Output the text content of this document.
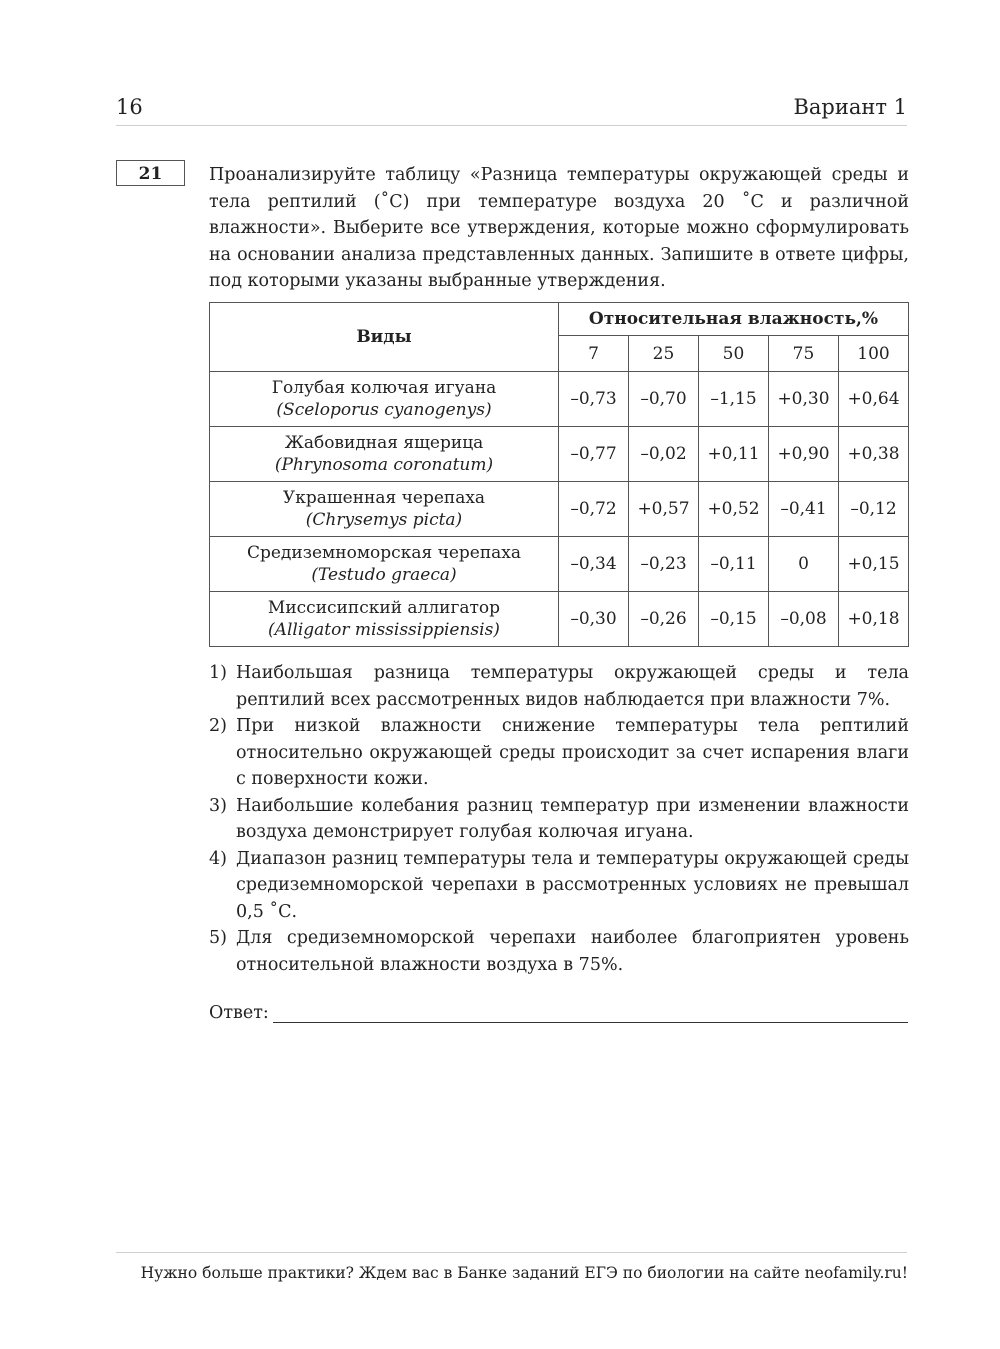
16	Вариант 1
21	Проанализируйте таблицу «Разница температуры окружающей среды и тела рептилий (˚С) при температуре воздуха 20 ˚С и различной влажности». Выберите все утверждения, которые можно сформулировать на основании анализа представленных данных. Запишите в ответе цифры, под которыми указаны выбранные утверждения.

Виды	Относительная влажность,%				
	7	25	50	75	100

Голубая колючая игуана
(Sceloporus cyanogenys)	–0,73	–0,70	–1,15	+0,30	+0,64

Жабовидная ящерица
(Phrynosoma coronatum)	–0,77	–0,02	+0,11	+0,90	+0,38

Украшенная черепаха
(Chrysemys picta)	–0,72	+0,57	+0,52	–0,41	–0,12

Средиземноморская черепаха
(Testudo graeca)	–0,34	–0,23	–0,11	0	+0,15

Миссисипский аллигатор
(Alligator mississippiensis)	–0,30	–0,26	–0,15	–0,08	+0,18
1) Наибольшая разница температуры окружающей среды и тела рептилий всех рассмотренных видов наблюдается при влажности 7%.
2) При низкой влажности снижение температуры тела рептилий относительно окружающей среды происходит за счет испарения влаги с поверхности кожи.
3) Наибольшие колебания разниц температур при изменении влажности воздуха демонстрирует голубая колючая игуана.
4) Диапазон разниц температуры тела и температуры окружающей среды средиземноморской черепахи в рассмотренных условиях не превышал 0,5 ˚С.
5) Для средиземноморской черепахи наиболее благоприятен уровень относительной влажности воздуха в 75%.
Ответ:
Нужно больше практики? Ждем вас в Банке заданий ЕГЭ по биологии на сайте neofamily.ru!
